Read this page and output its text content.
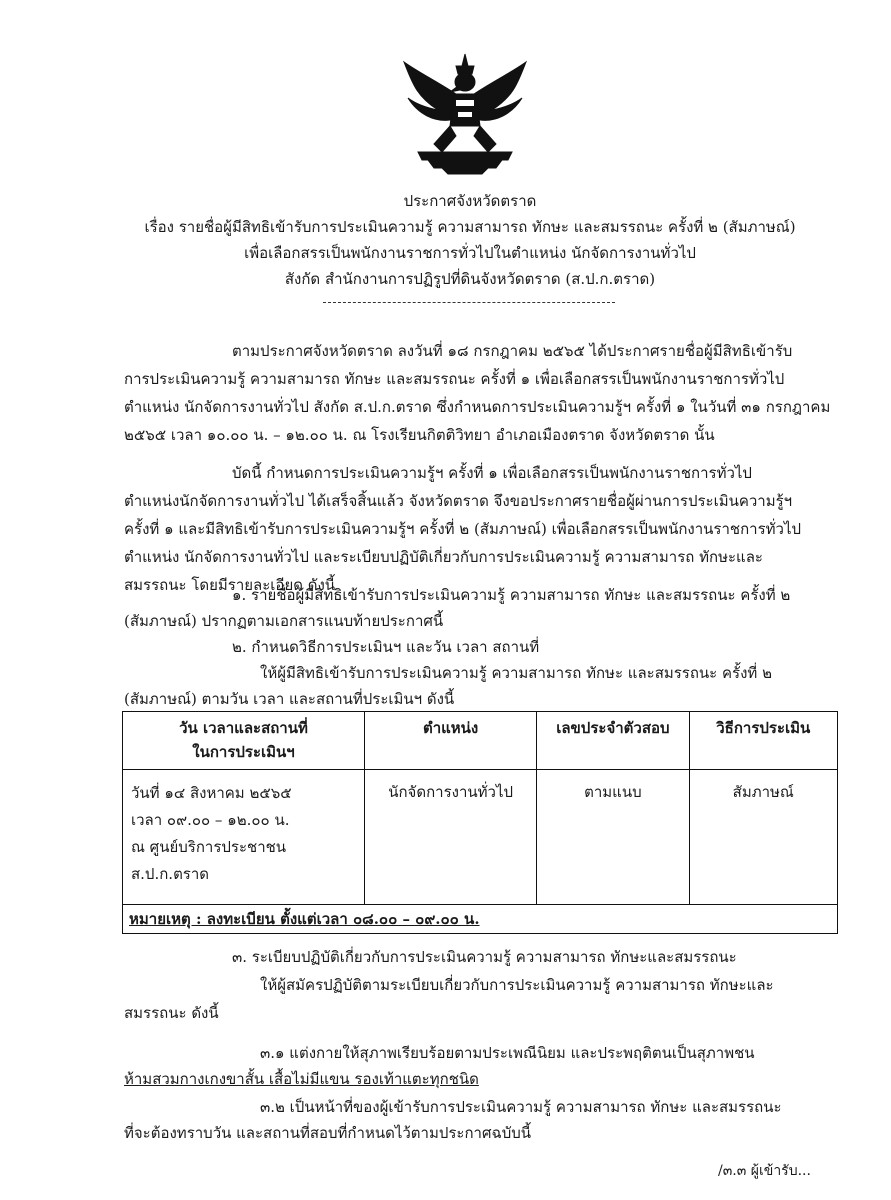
ประกาศจังหวัดตราด
เรื่อง รายชื่อผู้มีสิทธิเข้ารับการประเมินความรู้ ความสามารถ ทักษะ และสมรรถนะ ครั้งที่ ๒ (สัมภาษณ์)
เพื่อเลือกสรรเป็นพนักงานราชการทั่วไปในตำแหน่ง นักจัดการงานทั่วไป
สังกัด สำนักงานการปฏิรูปที่ดินจังหวัดตราด (ส.ป.ก.ตราด)
ตามประกาศจังหวัดตราด ลงวันที่ ๑๘ กรกฎาคม ๒๕๖๕ ได้ประกาศรายชื่อผู้มีสิทธิเข้ารับ
การประเมินความรู้ ความสามารถ ทักษะ และสมรรถนะ ครั้งที่ ๑ เพื่อเลือกสรรเป็นพนักงานราชการทั่วไป
ตำแหน่ง นักจัดการงานทั่วไป สังกัด ส.ป.ก.ตราด ซึ่งกำหนดการประเมินความรู้ฯ ครั้งที่ ๑ ในวันที่ ๓๑ กรกฎาคม
๒๕๖๕ เวลา ๑๐.๐๐ น. – ๑๒.๐๐ น. ณ โรงเรียนกิตติวิทยา อำเภอเมืองตราด จังหวัดตราด นั้น
บัดนี้ กำหนดการประเมินความรู้ฯ ครั้งที่ ๑ เพื่อเลือกสรรเป็นพนักงานราชการทั่วไป
ตำแหน่งนักจัดการงานทั่วไป ได้เสร็จสิ้นแล้ว จังหวัดตราด จึงขอประกาศรายชื่อผู้ผ่านการประเมินความรู้ฯ
ครั้งที่ ๑ และมีสิทธิเข้ารับการประเมินความรู้ฯ ครั้งที่ ๒ (สัมภาษณ์) เพื่อเลือกสรรเป็นพนักงานราชการทั่วไป
ตำแหน่ง นักจัดการงานทั่วไป และระเบียบปฏิบัติเกี่ยวกับการประเมินความรู้ ความสามารถ ทักษะและ
สมรรถนะ โดยมีรายละเอียด ดังนี้
๑. รายชื่อผู้มีสิทธิเข้ารับการประเมินความรู้ ความสามารถ ทักษะ และสมรรถนะ ครั้งที่ ๒
(สัมภาษณ์) ปรากฏตามเอกสารแนบท้ายประกาศนี้
๒. กำหนดวิธีการประเมินฯ และวัน เวลา สถานที่
ให้ผู้มีสิทธิเข้ารับการประเมินความรู้ ความสามารถ ทักษะ และสมรรถนะ ครั้งที่ ๒
(สัมภาษณ์) ตามวัน เวลา และสถานที่ประเมินฯ ดังนี้
วัน เวลาและสถานที่
ในการประเมินฯ	ตำแหน่ง	เลขประจำตัวสอบ	วิธีการประเมิน

วันที่ ๑๔ สิงหาคม ๒๕๖๕
เวลา ๐๙.๐๐ – ๑๒.๐๐ น.
ณ ศูนย์บริการประชาชน
ส.ป.ก.ตราด	นักจัดการงานทั่วไป	ตามแนบ	สัมภาษณ์
หมายเหตุ : ลงทะเบียน ตั้งแต่เวลา ๐๘.๐๐ – ๐๙.๐๐ น.			
๓. ระเบียบปฏิบัติเกี่ยวกับการประเมินความรู้ ความสามารถ ทักษะและสมรรถนะ
ให้ผู้สมัครปฏิบัติตามระเบียบเกี่ยวกับการประเมินความรู้ ความสามารถ ทักษะและ
สมรรถนะ ดังนี้
๓.๑ แต่งกายให้สุภาพเรียบร้อยตามประเพณีนิยม และประพฤติตนเป็นสุภาพชน
ห้ามสวมกางเกงขาสั้น เสื้อไม่มีแขน รองเท้าแตะทุกชนิด
๓.๒ เป็นหน้าที่ของผู้เข้ารับการประเมินความรู้ ความสามารถ ทักษะ และสมรรถนะ
ที่จะต้องทราบวัน และสถานที่สอบที่กำหนดไว้ตามประกาศฉบับนี้
/๓.๓ ผู้เข้ารับ...
